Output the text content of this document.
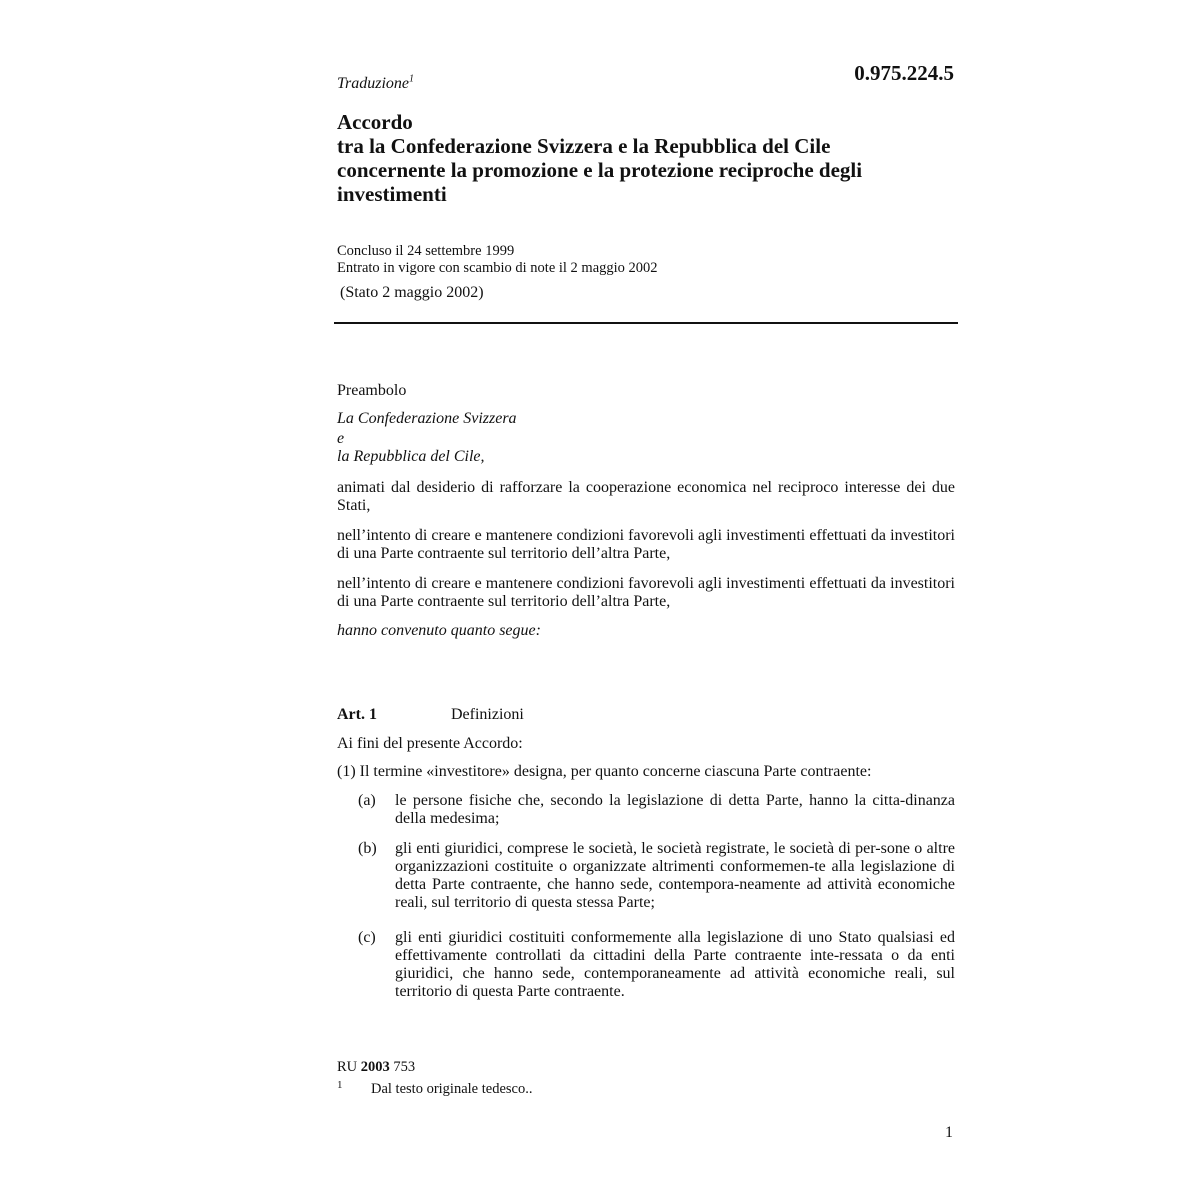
Traduzione$^1$	0.975.224.5
Accordo
tra la Confederazione Svizzera e la Repubblica del Cile
concernente la promozione e la protezione reciproche degli
investimenti
Concluso il 24 settembre 1999
Entrato in vigore con scambio di note il 2 maggio 2002
(Stato 2 maggio 2002)
Preambolo
La Confederazione Svizzera
e
la Repubblica del Cile,
animati dal desiderio di rafforzare la cooperazione economica nel reciproco interesse dei due Stati,
nell’intento di creare e mantenere condizioni favorevoli agli investimenti effettuati da investitori di una Parte contraente sul territorio dell’altra Parte,
nell’intento di creare e mantenere condizioni favorevoli agli investimenti effettuati da investitori di una Parte contraente sul territorio dell’altra Parte,
hanno convenuto quanto segue:
Art. 1	Definizioni
Ai fini del presente Accordo:
(1) Il termine «investitore» designa, per quanto concerne ciascuna Parte contraente:
(a) le persone fisiche che, secondo la legislazione di detta Parte, hanno la citta-dinanza della medesima;
(b) gli enti giuridici, comprese le società, le società registrate, le società di per-sone o altre organizzazioni costituite o organizzate altrimenti conformemen-te alla legislazione di detta Parte contraente, che hanno sede, contempora-neamente ad attività economiche reali, sul territorio di questa stessa Parte;
(c) gli enti giuridici costituiti conformemente alla legislazione di uno Stato qualsiasi ed effettivamente controllati da cittadini della Parte contraente inte-ressata o da enti giuridici, che hanno sede, contemporaneamente ad attività economiche reali, sul territorio di questa Parte contraente.
RU 2003 753
1 Dal testo originale tedesco..
1
